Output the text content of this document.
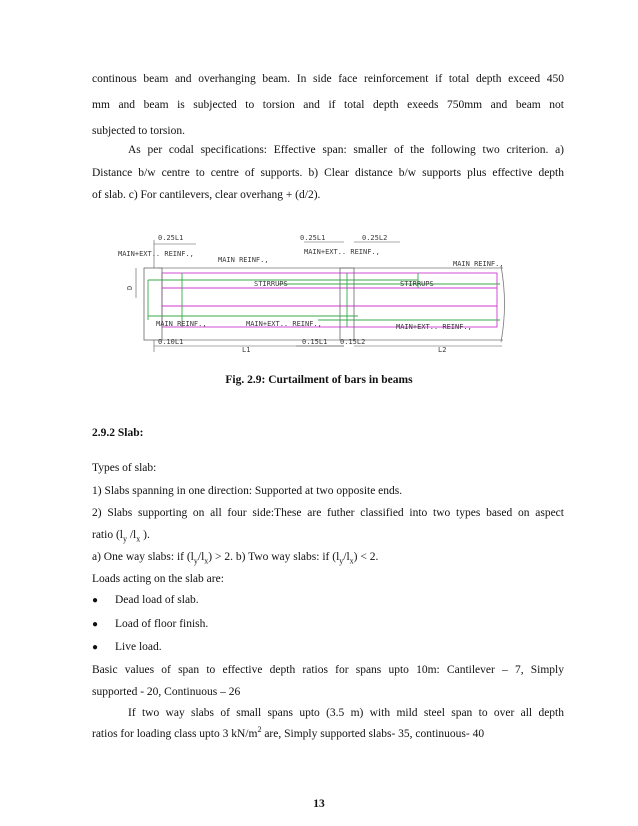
continous beam and overhanging beam. In side face reinforcement if total depth exceed 450
mm and beam is subjected to torsion and if total depth exeeds 750mm and beam not
subjected to torsion.
As per codal specifications: Effective span: smaller of the following two criterion. a)
Distance b/w centre to centre of supports. b) Clear distance b/w supports plus effective depth
of slab. c) For cantilevers, clear overhang + (d/2).
0.25L1
MAIN+EXT.. REINF.,
MAIN REINF.,
0.25L1	0.25L2
MAIN+EXT.. REINF.,
MAIN REINF.,
D	STIRRUPS	STIRRUPS
MAIN REINF.,	MAIN+EXT.. REINF.,	MAIN+EXT.. REINF.,
0.10L1
L1
0.15L1 0.15L2
L2
Fig. 2.9: Curtailment of bars in beams
2.9.2 Slab:
Types of slab:
1) Slabs spanning in one direction: Supported at two opposite ends.
2) Slabs supporting on all four side:These are futher classified into two types based on aspect
ratio ($l_y$ $/l_x$ ).
a) One way slabs: if $(l_y/l_x) > 2$. b) Two way slabs: if $(l_y/l_x) < 2$.
Loads acting on the slab are:
● Dead load of slab.
● Load of floor finish.
● Live load.
Basic values of span to effective depth ratios for spans upto 10m: Cantilever – 7, Simply
supported - 20, Continuous – 26
If two way slabs of small spans upto (3.5 m) with mild steel span to over all depth
ratios for loading class upto 3 $kN/m^2$ are, Simply supported slabs- 35, continuous- 40
13
